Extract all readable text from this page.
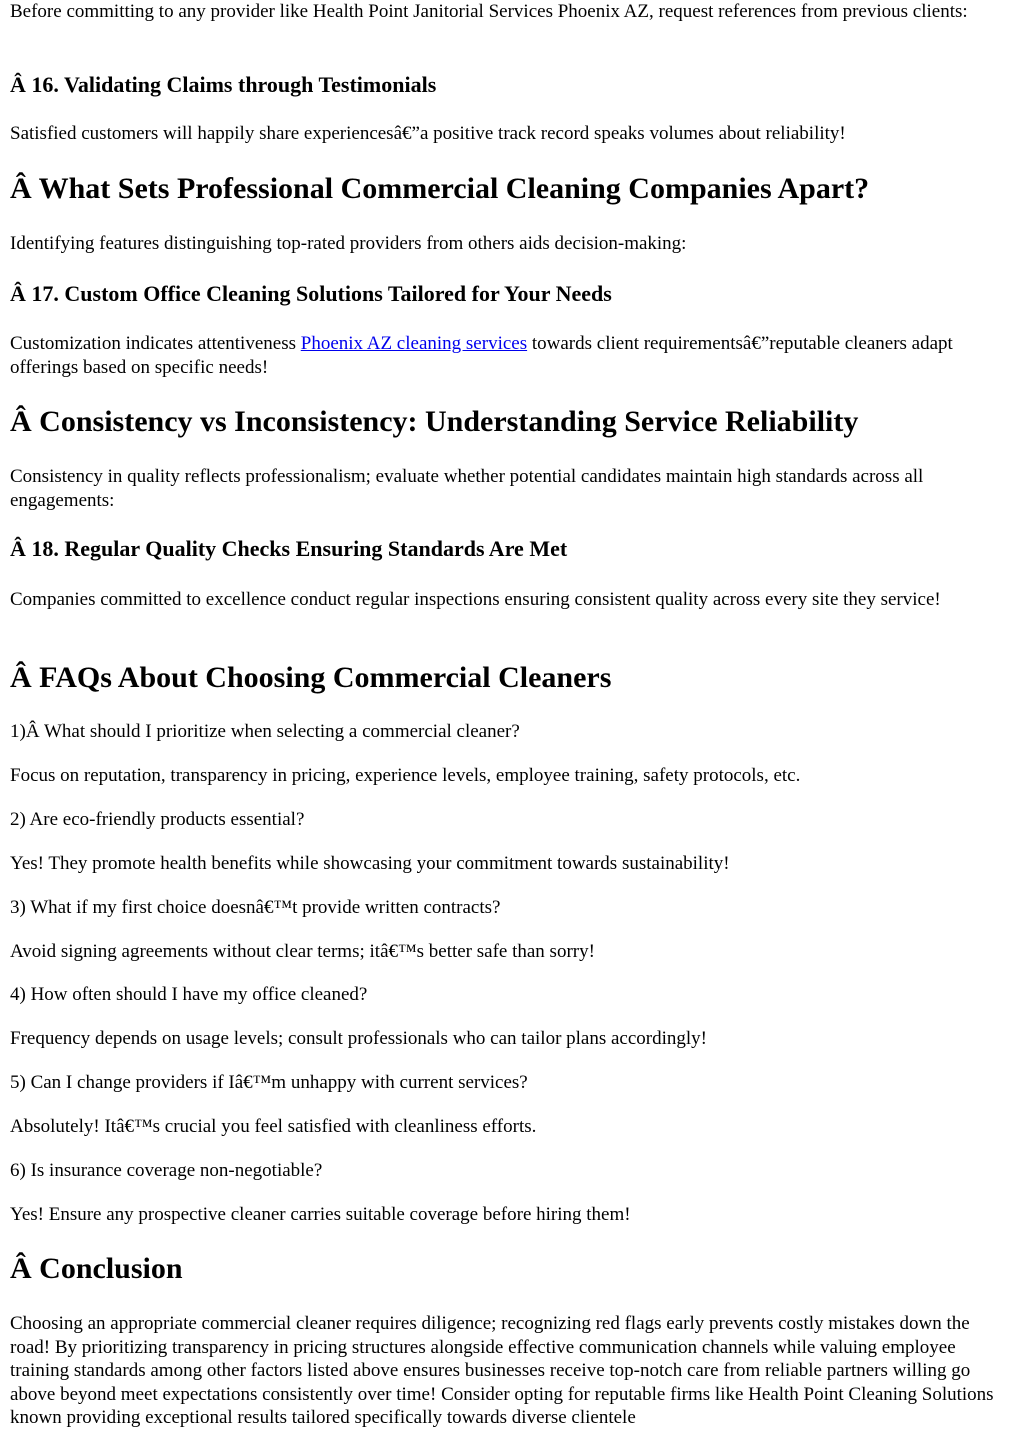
Before committing to any provider like Health Point Janitorial Services Phoenix AZ, request references from previous clients:

Â 16. Validating Claims through Testimonials

Satisfied customers will happily share experiencesâ€”a positive track record speaks volumes about reliability!

Â What Sets Professional Commercial Cleaning Companies Apart?

Identifying features distinguishing top-rated providers from others aids decision-making:

Â 17. Custom Office Cleaning Solutions Tailored for Your Needs

Customization indicates attentiveness Phoenix AZ cleaning services towards client requirementsâ€”reputable cleaners adapt offerings based on specific needs!

Â Consistency vs Inconsistency: Understanding Service Reliability

Consistency in quality reflects professionalism; evaluate whether potential candidates maintain high standards across all engagements:

Â 18. Regular Quality Checks Ensuring Standards Are Met

Companies committed to excellence conduct regular inspections ensuring consistent quality across every site they service!

Â FAQs About Choosing Commercial Cleaners

1)Â What should I prioritize when selecting a commercial cleaner?

Focus on reputation, transparency in pricing, experience levels, employee training, safety protocols, etc.

2) Are eco-friendly products essential?

Yes! They promote health benefits while showcasing your commitment towards sustainability!

3) What if my first choice doesnâ€™t provide written contracts?

Avoid signing agreements without clear terms; itâ€™s better safe than sorry!

4) How often should I have my office cleaned?

Frequency depends on usage levels; consult professionals who can tailor plans accordingly!

5) Can I change providers if Iâ€™m unhappy with current services?

Absolutely! Itâ€™s crucial you feel satisfied with cleanliness efforts.

6) Is insurance coverage non-negotiable?

Yes! Ensure any prospective cleaner carries suitable coverage before hiring them!

Â Conclusion

Choosing an appropriate commercial cleaner requires diligence; recognizing red flags early prevents costly mistakes down the road! By prioritizing transparency in pricing structures alongside effective communication channels while valuing employee training standards among other factors listed above ensures businesses receive top-notch care from reliable partners willing go above beyond meet expectations consistently over time! Consider opting for reputable firms like Health Point Cleaning Solutions known providing exceptional results tailored specifically towards diverse clientele
